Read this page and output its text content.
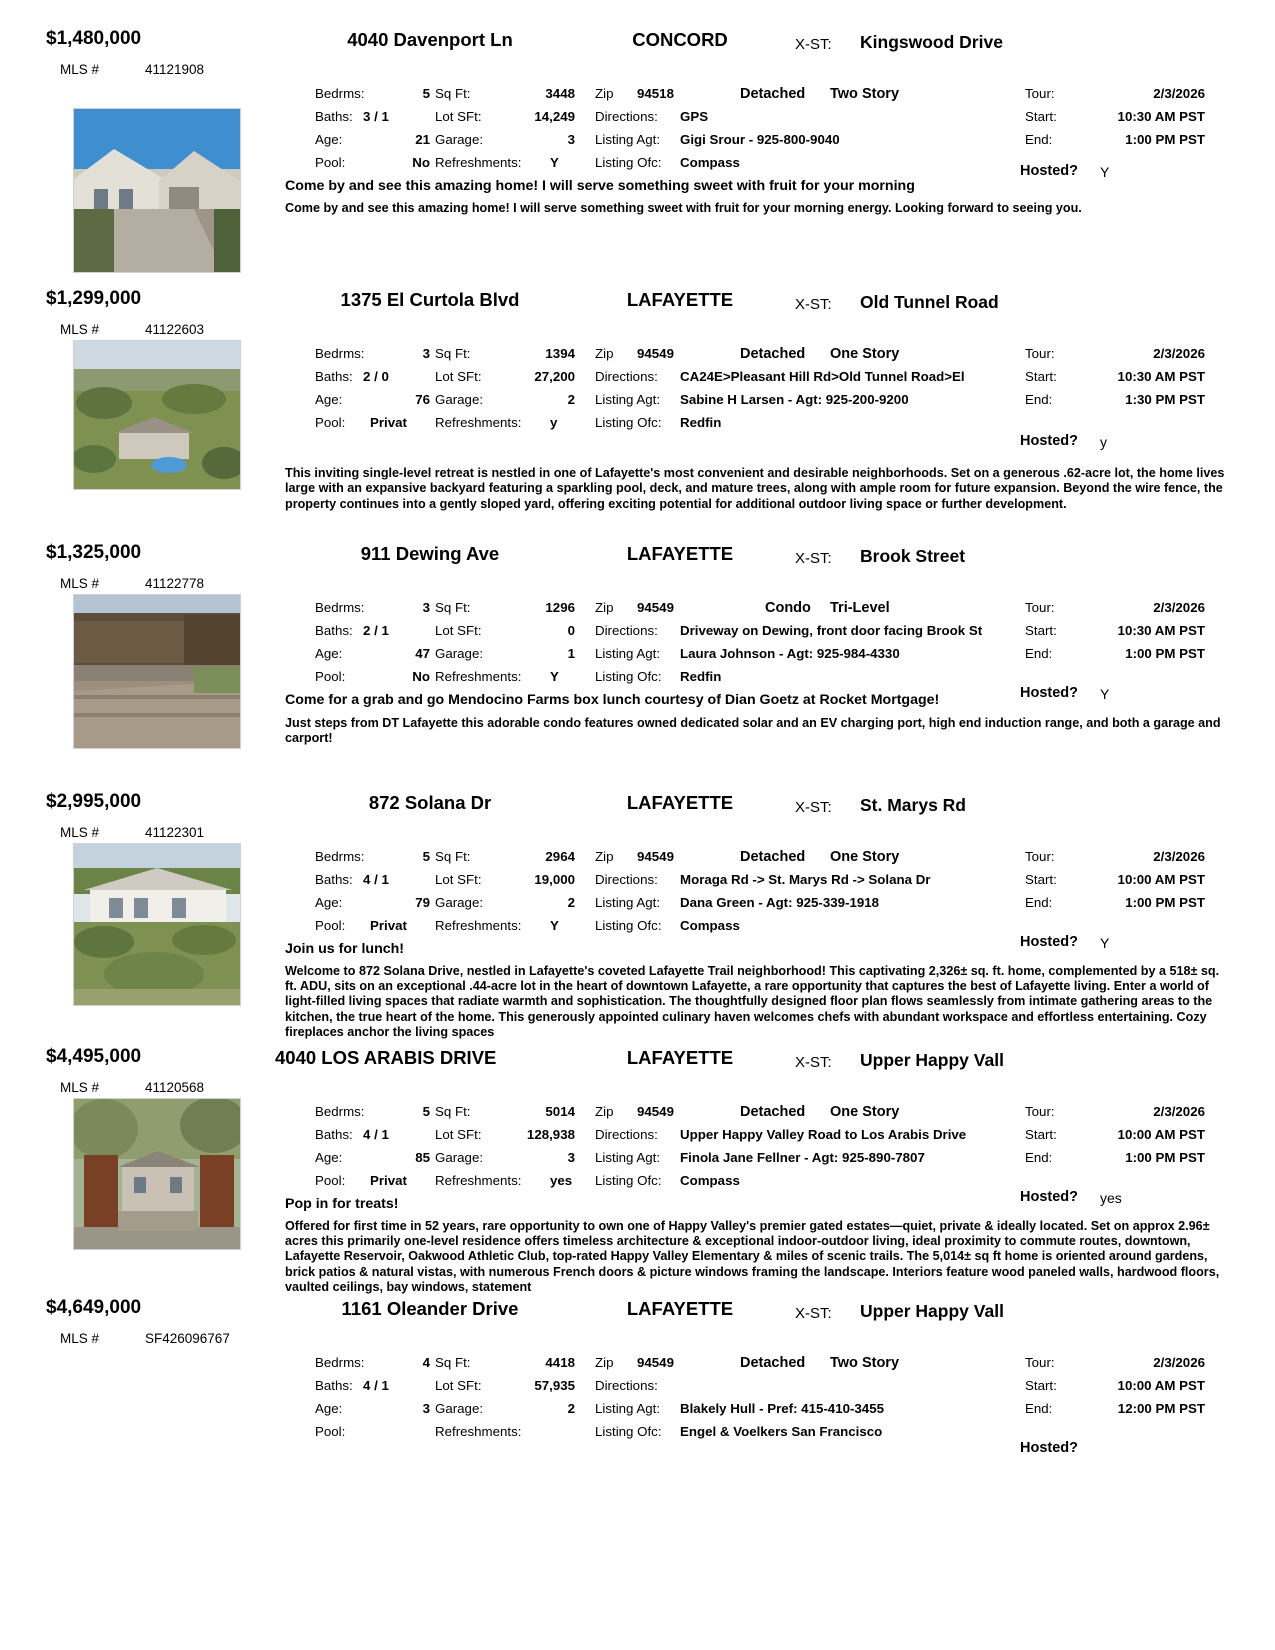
$1,480,000	4040 Davenport Ln	CONCORD	X-ST: Kingswood Drive
MLS #	41121908
Bedrms:	5 Sq Ft:	3448 Zip 94518	Detached Two Story	Tour:	2/3/2026
Baths: 3 / 1	Lot SFt:	14,249 Directions: GPS	Start:	10:30 AM PST
Age:	21 Garage:	3 Listing Agt: Gigi Srour - 925-800-9040	End:	1:00 PM PST
Pool:	No Refreshments: Y	Listing Ofc: Compass
Hosted? Y
Come by and see this amazing home! I will serve something sweet with fruit for your morning
Come by and see this amazing home! I will serve something sweet with fruit for your morning energy. Looking forward to seeing you.
$1,299,000	1375 El Curtola Blvd	LAFAYETTE	X-ST: Old Tunnel Road
MLS #	41122603
Bedrms:	3 Sq Ft:	1394 Zip 94549	Detached One Story	Tour:	2/3/2026
Baths: 2 / 0	Lot SFt:	27,200 Directions: CA24E>Pleasant Hill Rd>Old Tunnel Road>El	Start:	10:30 AM PST
Age:	76 Garage:	2 Listing Agt: Sabine H Larsen - Agt: 925-200-9200	End:	1:30 PM PST
Pool: Privat Refreshments: y	Listing Ofc: Redfin
Hosted? y
This inviting single-level retreat is nestled in one of Lafayette's most convenient and desirable neighborhoods. Set on a generous .62-acre lot, the home lives large with an expansive backyard featuring a sparkling pool, deck, and mature trees, along with ample room for future expansion. Beyond the wire fence, the property continues into a gently sloped yard, offering exciting potential for additional outdoor living space or further development.
$1,325,000	911 Dewing Ave	LAFAYETTE	X-ST: Brook Street
MLS #	41122778
Bedrms:	3 Sq Ft:	1296 Zip 94549	Condo Tri-Level	Tour:	2/3/2026
Baths: 2 / 1	Lot SFt:	0 Directions: Driveway on Dewing, front door facing Brook St	Start:	10:30 AM PST
Age:	47 Garage:	1 Listing Agt: Laura Johnson - Agt: 925-984-4330	End:	1:00 PM PST
Pool:	No Refreshments: Y	Listing Ofc: Redfin
Hosted? Y
Come for a grab and go Mendocino Farms box lunch courtesy of Dian Goetz at Rocket Mortgage!
Just steps from DT Lafayette this adorable condo features owned dedicated solar and an EV charging port, high end induction range, and both a garage and carport!
$2,995,000	872 Solana Dr	LAFAYETTE	X-ST: St. Marys Rd
MLS #	41122301
Bedrms:	5 Sq Ft:	2964 Zip 94549	Detached One Story	Tour:	2/3/2026
Baths: 4 / 1	Lot SFt:	19,000 Directions: Moraga Rd -> St. Marys Rd -> Solana Dr	Start:	10:00 AM PST
Age:	79 Garage:	2 Listing Agt: Dana Green - Agt: 925-339-1918	End:	1:00 PM PST
Pool: Privat Refreshments: Y	Listing Ofc: Compass
Hosted? Y
Join us for lunch!
Welcome to 872 Solana Drive, nestled in Lafayette's coveted Lafayette Trail neighborhood! This captivating 2,326± sq. ft. home, complemented by a 518± sq. ft. ADU, sits on an exceptional .44-acre lot in the heart of downtown Lafayette, a rare opportunity that captures the best of Lafayette living. Enter a world of light-filled living spaces that radiate warmth and sophistication. The thoughtfully designed floor plan flows seamlessly from intimate gathering areas to the kitchen, the true heart of the home. This generously appointed culinary haven welcomes chefs with abundant workspace and effortless entertaining. Cozy fireplaces anchor the living spaces
$4,495,000	4040 LOS ARABIS DRIVE	LAFAYETTE	X-ST: Upper Happy Vall
MLS #	41120568
Bedrms:	5 Sq Ft:	5014 Zip 94549	Detached One Story	Tour:	2/3/2026
Baths: 4 / 1	Lot SFt:	128,938 Directions: Upper Happy Valley Road to Los Arabis Drive	Start:	10:00 AM PST
Age:	85 Garage:	3 Listing Agt: Finola Jane Fellner - Agt: 925-890-7807	End:	1:00 PM PST
Pool: Privat Refreshments: yes Listing Ofc: Compass
Hosted? yes
Pop in for treats!
Offered for first time in 52 years, rare opportunity to own one of Happy Valley's premier gated estates—quiet, private & ideally located. Set on approx 2.96± acres this primarily one-level residence offers timeless architecture & exceptional indoor-outdoor living, ideal proximity to commute routes, downtown, Lafayette Reservoir, Oakwood Athletic Club, top-rated Happy Valley Elementary & miles of scenic trails. The 5,014± sq ft home is oriented around gardens, brick patios & natural vistas, with numerous French doors & picture windows framing the landscape. Interiors feature wood paneled walls, hardwood floors, vaulted ceilings, bay windows, statement
$4,649,000	1161 Oleander Drive	LAFAYETTE	X-ST: Upper Happy Vall
MLS #	SF426096767
Bedrms:	4 Sq Ft:	4418 Zip 94549	Detached Two Story	Tour:	2/3/2026
Baths: 4 / 1	Lot SFt:	57,935 Directions:	Start:	10:00 AM PST
Age:	3 Garage:	2 Listing Agt: Blakely Hull - Pref: 415-410-3455	End:	12:00 PM PST
Pool:	Refreshments:	Listing Ofc: Engel & Voelkers San Francisco
Hosted?
